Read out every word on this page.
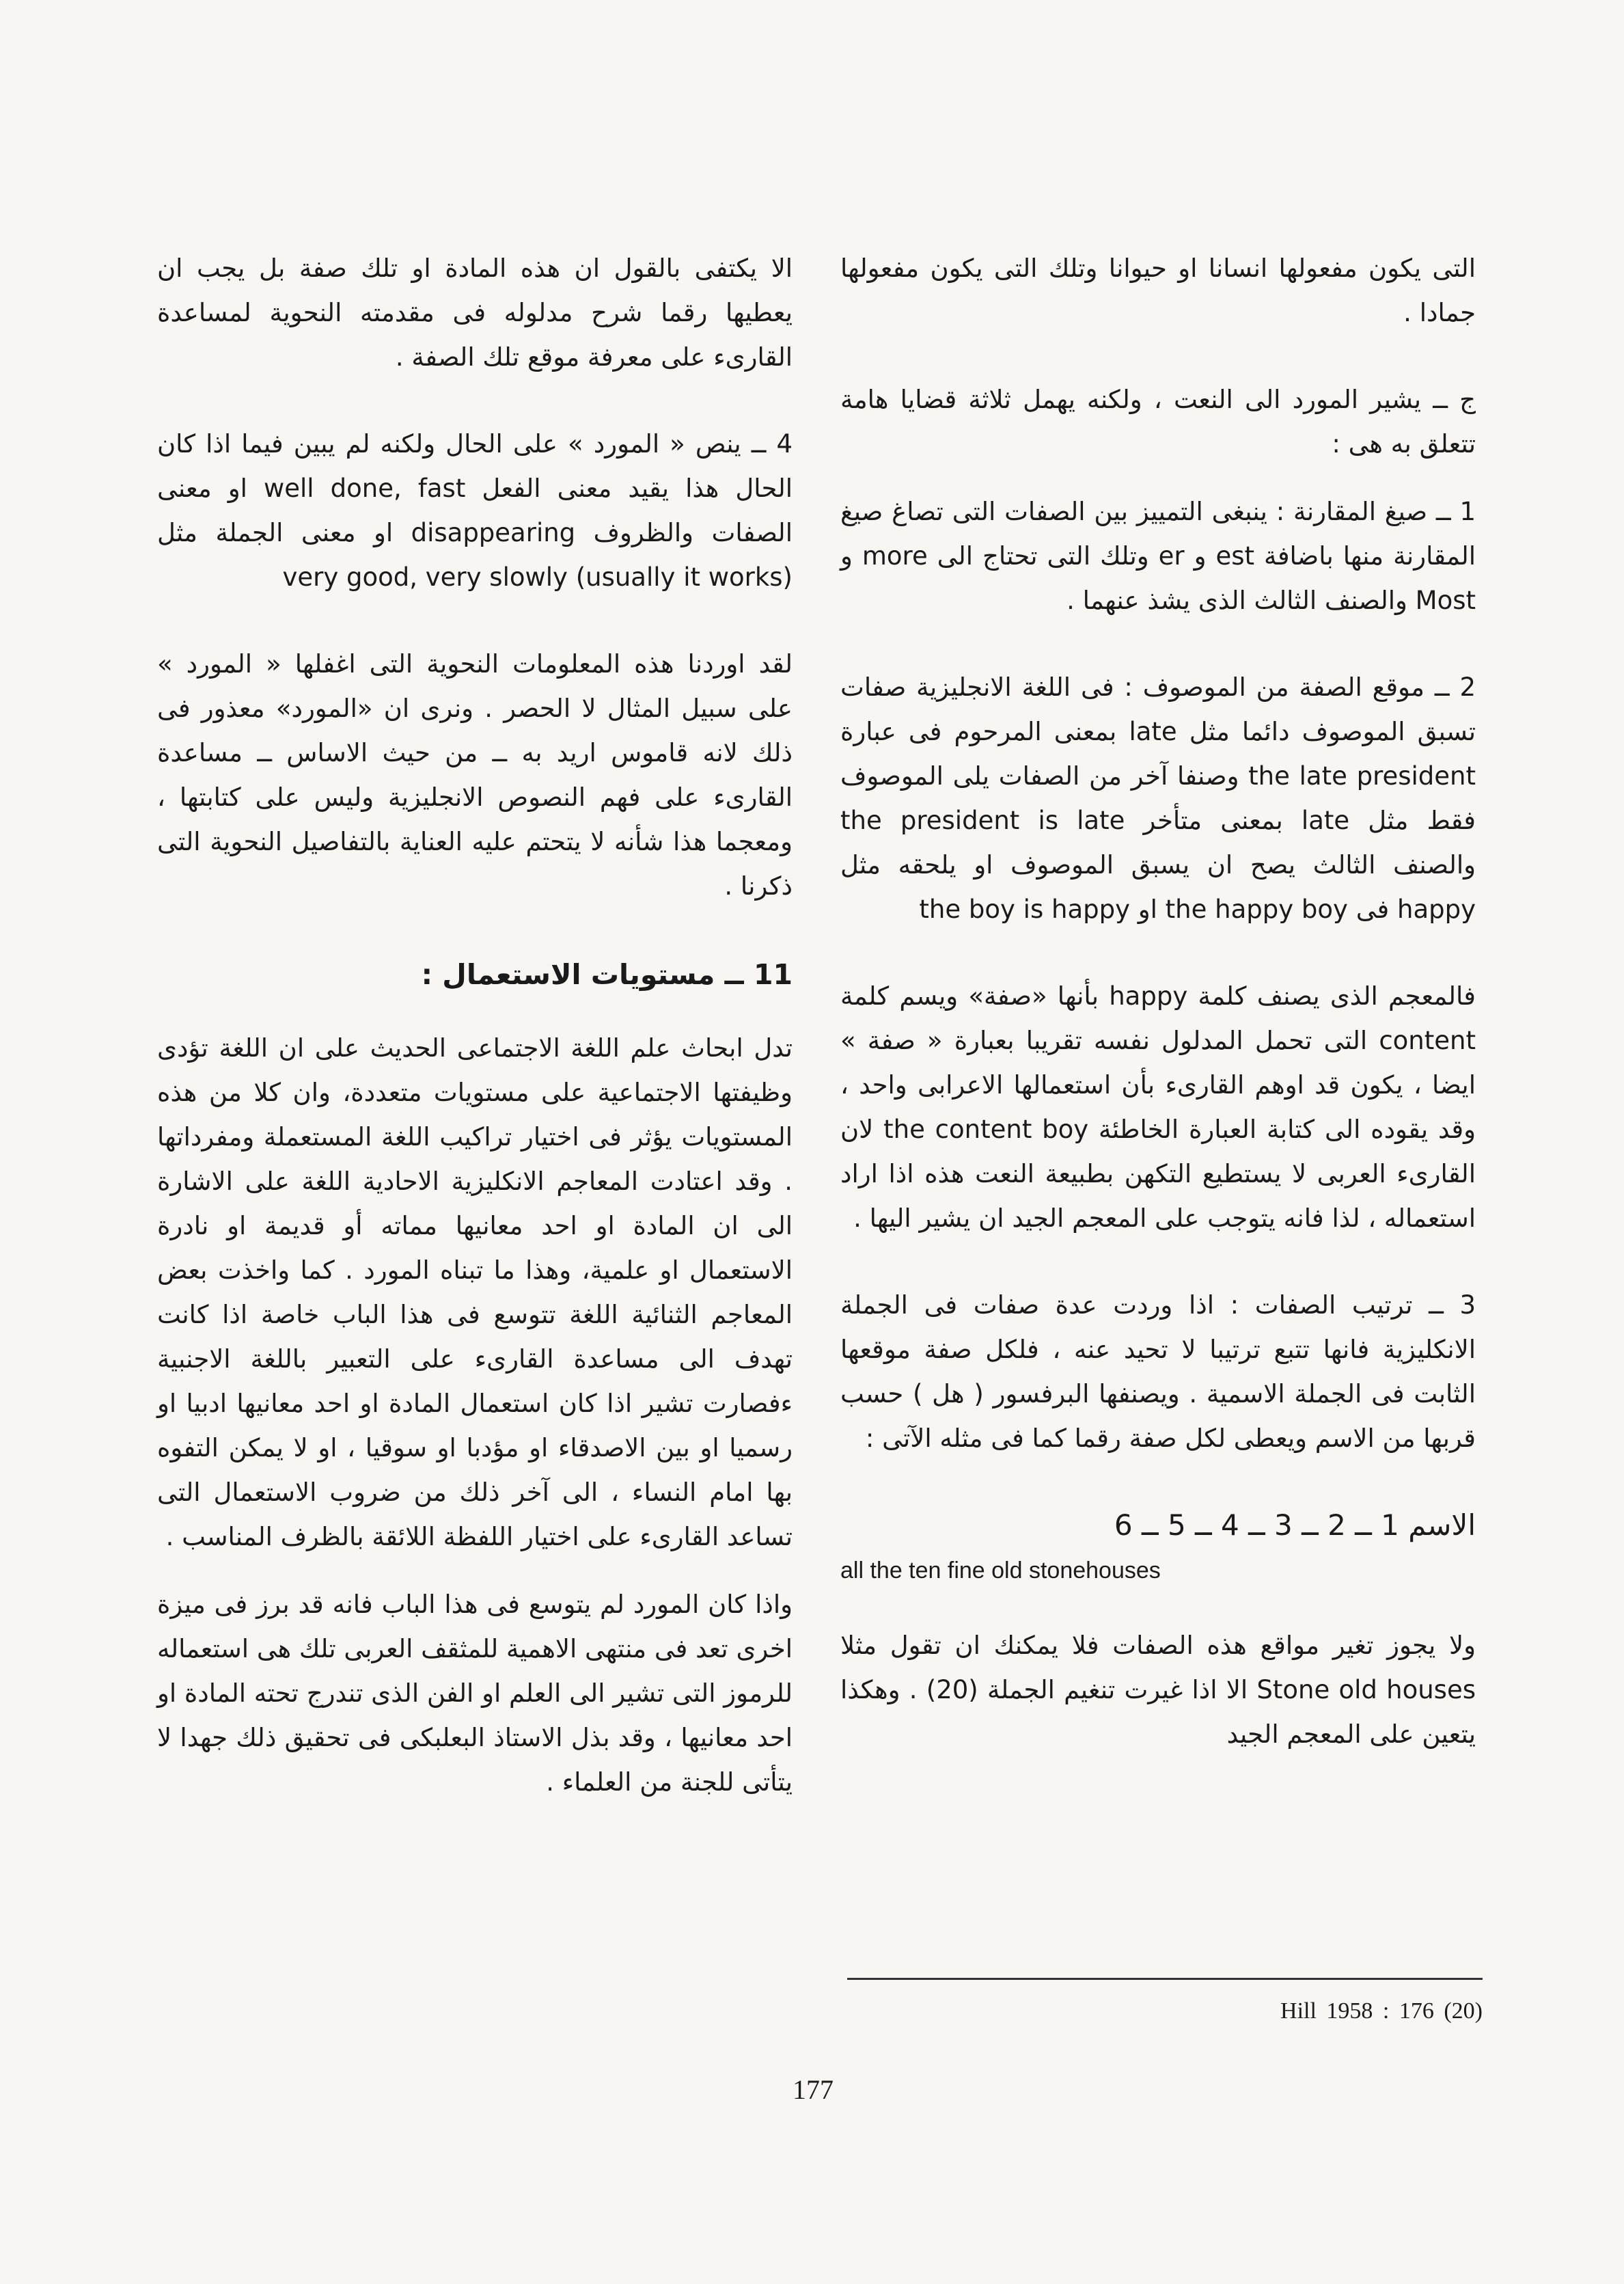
التى يكون مفعولها انسانا او حيوانا وتلك التى يكون مفعولها جمادا .

ج ــ يشير المورد الى النعت ، ولكنه يهمل ثلاثة قضايا هامة تتعلق به هى :

1 ــ صيغ المقارنة : ينبغى التمييز بين الصفات التى تصاغ صيغ المقارنة منها باضافة est و er وتلك التى تحتاج الى more و Most والصنف الثالث الذى يشذ عنهما .

2 ــ موقع الصفة من الموصوف : فى اللغة الانجليزية صفات تسبق الموصوف دائما مثل late بمعنى المرحوم فى عبارة the late president وصنفا آخر من الصفات يلى الموصوف فقط مثل late بمعنى متأخر the president is late والصنف الثالث يصح ان يسبق الموصوف او يلحقه مثل happy فى the happy boy او the boy is happy

فالمعجم الذى يصنف كلمة happy بأنها «صفة» ويسم كلمة content التى تحمل المدلول نفسه تقريبا بعبارة « صفة » ايضا ، يكون قد اوهم القارىء بأن استعمالها الاعرابى واحد ، وقد يقوده الى كتابة العبارة الخاطئة the content boy لان القارىء العربى لا يستطيع التكهن بطبيعة النعت هذه اذا اراد استعماله ، لذا فانه يتوجب على المعجم الجيد ان يشير اليها .

3 ــ ترتيب الصفات : اذا وردت عدة صفات فى الجملة الانكليزية فانها تتبع ترتيبا لا تحيد عنه ، فلكل صفة موقعها الثابت فى الجملة الاسمية . ويصنفها البرفسور ( هل ) حسب قربها من الاسم ويعطى لكل صفة رقما كما فى مثله الآتى :

الاسم 1 ــ 2 ــ 3 ــ 4 ــ 5 ــ 6

all the ten fine old stonehouses

ولا يجوز تغير مواقع هذه الصفات فلا يمكنك ان تقول مثلا Stone old houses الا اذا غيرت تنغيم الجملة (20) . وهكذا يتعين على المعجم الجيد

الا يكتفى بالقول ان هذه المادة او تلك صفة بل يجب ان يعطيها رقما شرح مدلوله فى مقدمته النحوية لمساعدة القارىء على معرفة موقع تلك الصفة .

4 ــ ينص « المورد » على الحال ولكنه لم يبين فيما اذا كان الحال هذا يقيد معنى الفعل well done, fast او معنى الصفات والظروف disappearing او معنى الجملة مثل very good, very slowly (usually it works)

لقد اوردنا هذه المعلومات النحوية التى اغفلها « المورد » على سبيل المثال لا الحصر . ونرى ان «المورد» معذور فى ذلك لانه قاموس اريد به ــ من حيث الاساس ــ مساعدة القارىء على فهم النصوص الانجليزية وليس على كتابتها ، ومعجما هذا شأنه لا يتحتم عليه العناية بالتفاصيل النحوية التى ذكرنا .

11 ــ مستويات الاستعمال :

تدل ابحاث علم اللغة الاجتماعى الحديث على ان اللغة تؤدى وظيفتها الاجتماعية على مستويات متعددة، وان كلا من هذه المستويات يؤثر فى اختيار تراكيب اللغة المستعملة ومفرداتها . وقد اعتادت المعاجم الانكليزية الاحادية اللغة على الاشارة الى ان المادة او احد معانيها مماته أو قديمة او نادرة الاستعمال او علمية، وهذا ما تبناه المورد . كما واخذت بعض المعاجم الثنائية اللغة تتوسع فى هذا الباب خاصة اذا كانت تهدف الى مساعدة القارىء على التعبير باللغة الاجنبية ءفصارت تشير اذا كان استعمال المادة او احد معانيها ادبيا او رسميا او بين الاصدقاء او مؤدبا او سوقيا ، او لا يمكن التفوه بها امام النساء ، الى آخر ذلك من ضروب الاستعمال التى تساعد القارىء على اختيار اللفظة اللائقة بالظرف المناسب .

واذا كان المورد لم يتوسع فى هذا الباب فانه قد برز فى ميزة اخرى تعد فى منتهى الاهمية للمثقف العربى تلك هى استعماله للرموز التى تشير الى العلم او الفن الذى تندرج تحته المادة او احد معانيها ، وقد بذل الاستاذ البعلبكى فى تحقيق ذلك جهدا لا يتأتى للجنة من العلماء .

Hill 1958 : 176 (20)
177
